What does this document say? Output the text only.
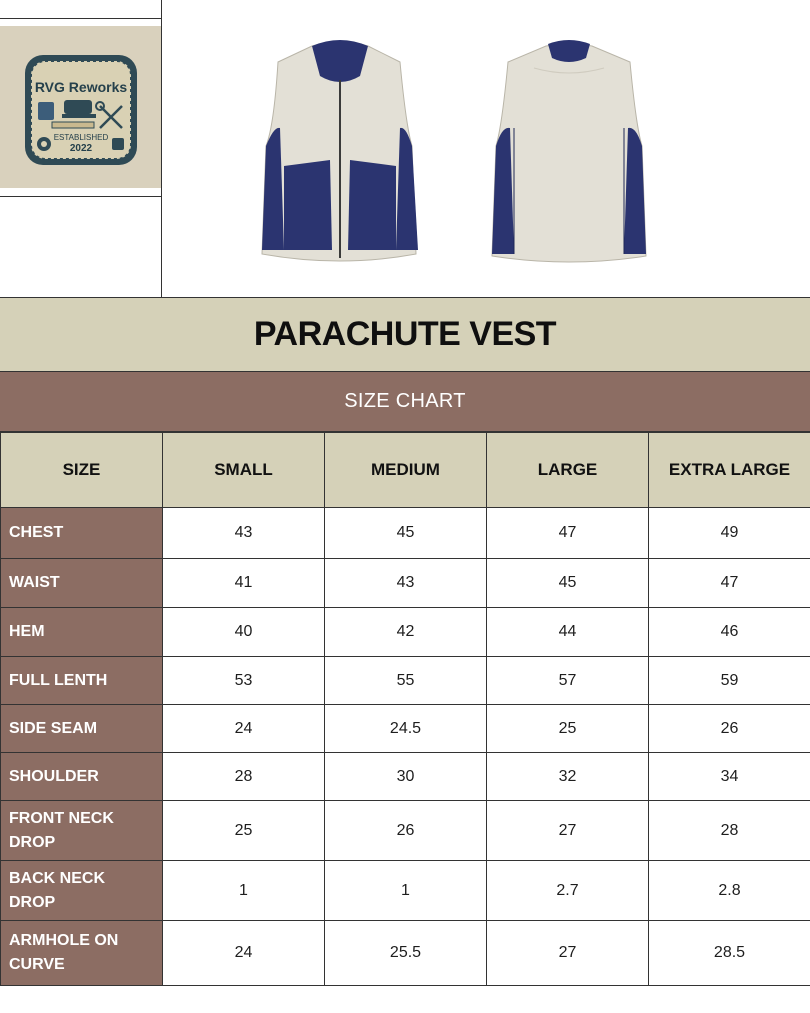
RVG Reworks
ESTABLISHED
2022
PARACHUTE VEST
SIZE CHART
SIZE	SMALL	MEDIUM	LARGE	EXTRA LARGE
CHEST	43	45	47	49
WAIST	41	43	45	47
HEM	40	42	44	46
FULL LENTH	53	55	57	59
SIDE SEAM	24	24.5	25	26
SHOULDER	28	30	32	34
FRONT NECK DROP	25	26	27	28
BACK NECK DROP	1	1	2.7	2.8
ARMHOLE ON CURVE	24	25.5	27	28.5
